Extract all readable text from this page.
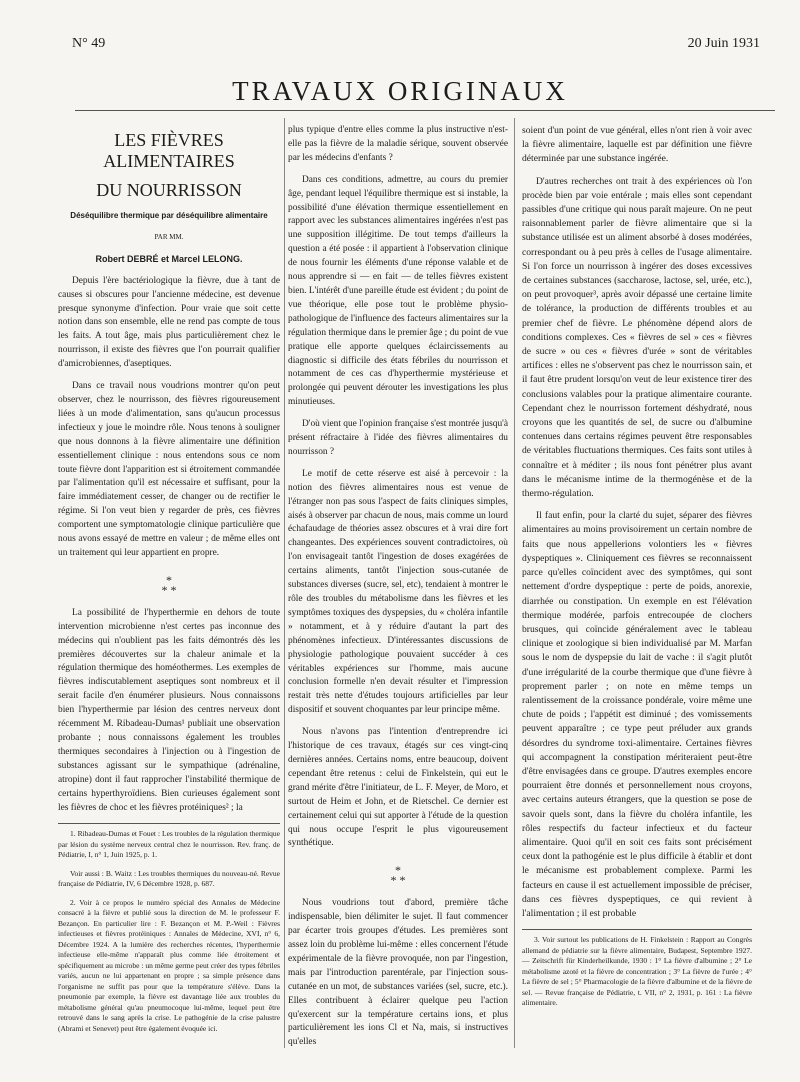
N° 49	20 Juin 1931
TRAVAUX ORIGINAUX

LES FIÈVRES ALIMENTAIRES

DU NOURRISSON

Déséquilibre thermique par déséquilibre alimentaire

PAR MM.

Robert DEBRÉ et Marcel LELONG.

Depuis l'ère bactériologique la fièvre, due à tant de causes si obscures pour l'ancienne médecine, est devenue presque synonyme d'infection. Pour vraie que soit cette notion dans son ensemble, elle ne rend pas compte de tous les faits. A tout âge, mais plus particulièrement chez le nourrisson, il existe des fièvres que l'on pourrait qualifier d'amicrobiennes, d'aseptiques.

Dans ce travail nous voudrions montrer qu'on peut observer, chez le nourrisson, des fièvres rigoureusement liées à un mode d'alimentation, sans qu'aucun processus infectieux y joue le moindre rôle. Nous tenons à souligner que nous donnons à la fièvre alimentaire une définition essentiellement clinique : nous entendons sous ce nom toute fièvre dont l'apparition est si étroitement commandée par l'alimentation qu'il est nécessaire et suffisant, pour la faire immédiatement cesser, de changer ou de rectifier le régime. Si l'on veut bien y regarder de près, ces fièvres comportent une symptomatologie clinique particulière que nous avons essayé de mettre en valeur ; de même elles ont un traitement qui leur appartient en propre.

*
* *

La possibilité de l'hyperthermie en dehors de toute intervention microbienne n'est certes pas inconnue des médecins qui n'oublient pas les faits démontrés dès les premières découvertes sur la chaleur animale et la régulation thermique des homéothermes. Les exemples de fièvres indiscutablement aseptiques sont nombreux et il serait facile d'en énumérer plusieurs. Nous connaissons bien l'hyperthermie par lésion des centres nerveux dont récemment M. Ribadeau-Dumas¹ publiait une observation probante ; nous connaissons également les troubles thermiques secondaires à l'injection ou à l'ingestion de substances agissant sur le sympathique (adrénaline, atropine) dont il faut rapprocher l'instabilité thermique de certains hyperthyroïdiens. Bien curieuses également sont les fièvres de choc et les fièvres protéiniques² ; la

1. Ribadeau-Dumas et Fouet : Les troubles de la régulation thermique par lésion du système nerveux central chez le nourrisson. Rev. franç. de Pédiatrie, I, n° 1, Juin 1925, p. 1.

Voir aussi : B. Waitz : Les troubles thermiques du nouveau-né. Revue française de Pédiatrie, IV, 6 Décembre 1928, p. 687.

2. Voir à ce propos le numéro spécial des Annales de Médecine consacré à la fièvre et publié sous la direction de M. le professeur F. Bezançon. En particulier lire : F. Bezançon et M. P.-Weil : Fièvres infectieuses et fièvres protéiniques : Annales de Médecine, XVI, n° 6, Décembre 1924. A la lumière des recherches récentes, l'hyperthermie infectieuse elle-même n'apparaît plus comme liée étroitement et spécifiquement au microbe : un même germe peut créer des types fébriles variés, aucun ne lui appartenant en propre ; sa simple présence dans l'organisme ne suffit pas pour que la température s'élève. Dans la pneumonie par exemple, la fièvre est davantage liée aux troubles du métabolisme général qu'au pneumocoque lui-même, lequel peut être retrouvé dans le sang après la crise. Le pathogénie de la crise palustre (Abrami et Senevet) peut être également évoquée ici.

plus typique d'entre elles comme la plus instructive n'est-elle pas la fièvre de la maladie sérique, souvent observée par les médecins d'enfants ?

Dans ces conditions, admettre, au cours du premier âge, pendant lequel l'équilibre thermique est si instable, la possibilité d'une élévation thermique essentiellement en rapport avec les substances alimentaires ingérées n'est pas une supposition illégitime. De tout temps d'ailleurs la question a été posée : il appartient à l'observation clinique de nous fournir les éléments d'une réponse valable et de nous apprendre si — en fait — de telles fièvres existent bien. L'intérêt d'une pareille étude est évident ; du point de vue théorique, elle pose tout le problème physio-pathologique de l'influence des facteurs alimentaires sur la régulation thermique dans le premier âge ; du point de vue pratique elle apporte quelques éclaircissements au diagnostic si difficile des états fébriles du nourrisson et notamment de ces cas d'hyperthermie mystérieuse et prolongée qui peuvent dérouter les investigations les plus minutieuses.

D'où vient que l'opinion française s'est montrée jusqu'à présent réfractaire à l'idée des fièvres alimentaires du nourrisson ?

Le motif de cette réserve est aisé à percevoir : la notion des fièvres alimentaires nous est venue de l'étranger non pas sous l'aspect de faits cliniques simples, aisés à observer par chacun de nous, mais comme un lourd échafaudage de théories assez obscures et à vrai dire fort changeantes. Des expériences souvent contradictoires, où l'on envisageait tantôt l'ingestion de doses exagérées de certains aliments, tantôt l'injection sous-cutanée de substances diverses (sucre, sel, etc), tendaient à montrer le rôle des troubles du métabolisme dans les fièvres et les symptômes toxiques des dyspepsies, du « choléra infantile » notamment, et à y réduire d'autant la part des phénomènes infectieux. D'intéressantes discussions de physiologie pathologique pouvaient succéder à ces véritables expériences sur l'homme, mais aucune conclusion formelle n'en devait résulter et l'impression restait très nette d'études toujours artificielles par leur dispositif et souvent choquantes par leur principe même.

Nous n'avons pas l'intention d'entreprendre ici l'historique de ces travaux, étagés sur ces vingt-cinq dernières années. Certains noms, entre beaucoup, doivent cependant être retenus : celui de Finkelstein, qui eut le grand mérite d'être l'initiateur, de L. F. Meyer, de Moro, et surtout de Heim et John, et de Rietschel. Ce dernier est certainement celui qui sut apporter à l'étude de la question qui nous occupe l'esprit le plus vigoureusement synthétique.

*
* *

Nous voudrions tout d'abord, première tâche indispensable, bien délimiter le sujet. Il faut commencer par écarter trois groupes d'études. Les premières sont assez loin du problème lui-même : elles concernent l'étude expérimentale de la fièvre provoquée, non par l'ingestion, mais par l'introduction parentérale, par l'injection sous-cutanée en un mot, de substances variées (sel, sucre, etc.). Elles contribuent à éclairer quelque peu l'action qu'exercent sur la température certains ions, et plus particulièrement les ions Cl et Na, mais, si instructives qu'elles

soient d'un point de vue général, elles n'ont rien à voir avec la fièvre alimentaire, laquelle est par définition une fièvre déterminée par une substance ingérée.

D'autres recherches ont trait à des expériences où l'on procède bien par voie entérale ; mais elles sont cependant passibles d'une critique qui nous paraît majeure. On ne peut raisonnablement parler de fièvre alimentaire que si la substance utilisée est un aliment absorbé à doses modérées, correspondant ou à peu près à celles de l'usage alimentaire. Si l'on force un nourrisson à ingérer des doses excessives de certaines substances (saccharose, lactose, sel, urée, etc.), on peut provoquer³, après avoir dépassé une certaine limite de tolérance, la production de différents troubles et au premier chef de fièvre. Le phénomène dépend alors de conditions complexes. Ces « fièvres de sel » ces « fièvres de sucre » ou ces « fièvres d'urée » sont de véritables artifices : elles ne s'observent pas chez le nourrisson sain, et il faut être prudent lorsqu'on veut de leur existence tirer des conclusions valables pour la pratique alimentaire courante. Cependant chez le nourrisson fortement déshydraté, nous croyons que les quantités de sel, de sucre ou d'albumine contenues dans certains régimes peuvent être responsables de véritables fluctuations thermiques. Ces faits sont utiles à connaître et à méditer ; ils nous font pénétrer plus avant dans le mécanisme intime de la thermogénèse et de la thermo-régulation.

Il faut enfin, pour la clarté du sujet, séparer des fièvres alimentaires au moins provisoirement un certain nombre de faits que nous appellerions volontiers les « fièvres dyspeptiques ». Cliniquement ces fièvres se reconnaissent parce qu'elles coïncident avec des symptômes, qui sont nettement d'ordre dyspeptique : perte de poids, anorexie, diarrhée ou constipation. Un exemple en est l'élévation thermique modérée, parfois entrecoupée de clochers brusques, qui coïncide généralement avec le tableau clinique et zoologique si bien individualisé par M. Marfan sous le nom de dyspepsie du lait de vache : il s'agit plutôt d'une irrégularité de la courbe thermique que d'une fièvre à proprement parler ; on note en même temps un ralentissement de la croissance pondérale, voire même une chute de poids ; l'appétit est diminué ; des vomissements peuvent apparaître ; ce type peut préluder aux grands désordres du syndrome toxi-alimentaire. Certaines fièvres qui accompagnent la constipation mériteraient peut-être d'être envisagées dans ce groupe. D'autres exemples encore pourraient être donnés et personnellement nous croyons, avec certains auteurs étrangers, que la question se pose de savoir quels sont, dans la fièvre du choléra infantile, les rôles respectifs du facteur infectieux et du facteur alimentaire. Quoi qu'il en soit ces faits sont précisément ceux dont la pathogénie est le plus difficile à établir et dont le mécanisme est probablement complexe. Parmi les facteurs en cause il est actuellement impossible de préciser, dans ces fièvres dyspeptiques, ce qui revient à l'alimentation ; il est probable

3. Voir surtout les publications de H. Finkelstein : Rapport au Congrès allemand de pédiatrie sur la fièvre alimentaire, Budapest, Septembre 1927. — Zeitschrift für Kinderheilkunde, 1930 : 1° La fièvre d'albumine ; 2° Le métabolisme azoté et la fièvre de concentration ; 3° La fièvre de l'urée ; 4° La fièvre de sel ; 5° Pharmacologie de la fièvre d'albumine et de la fièvre de sel. — Revue française de Pédiatrie, t. VII, n° 2, 1931, p. 161 : La fièvre alimentaire.
